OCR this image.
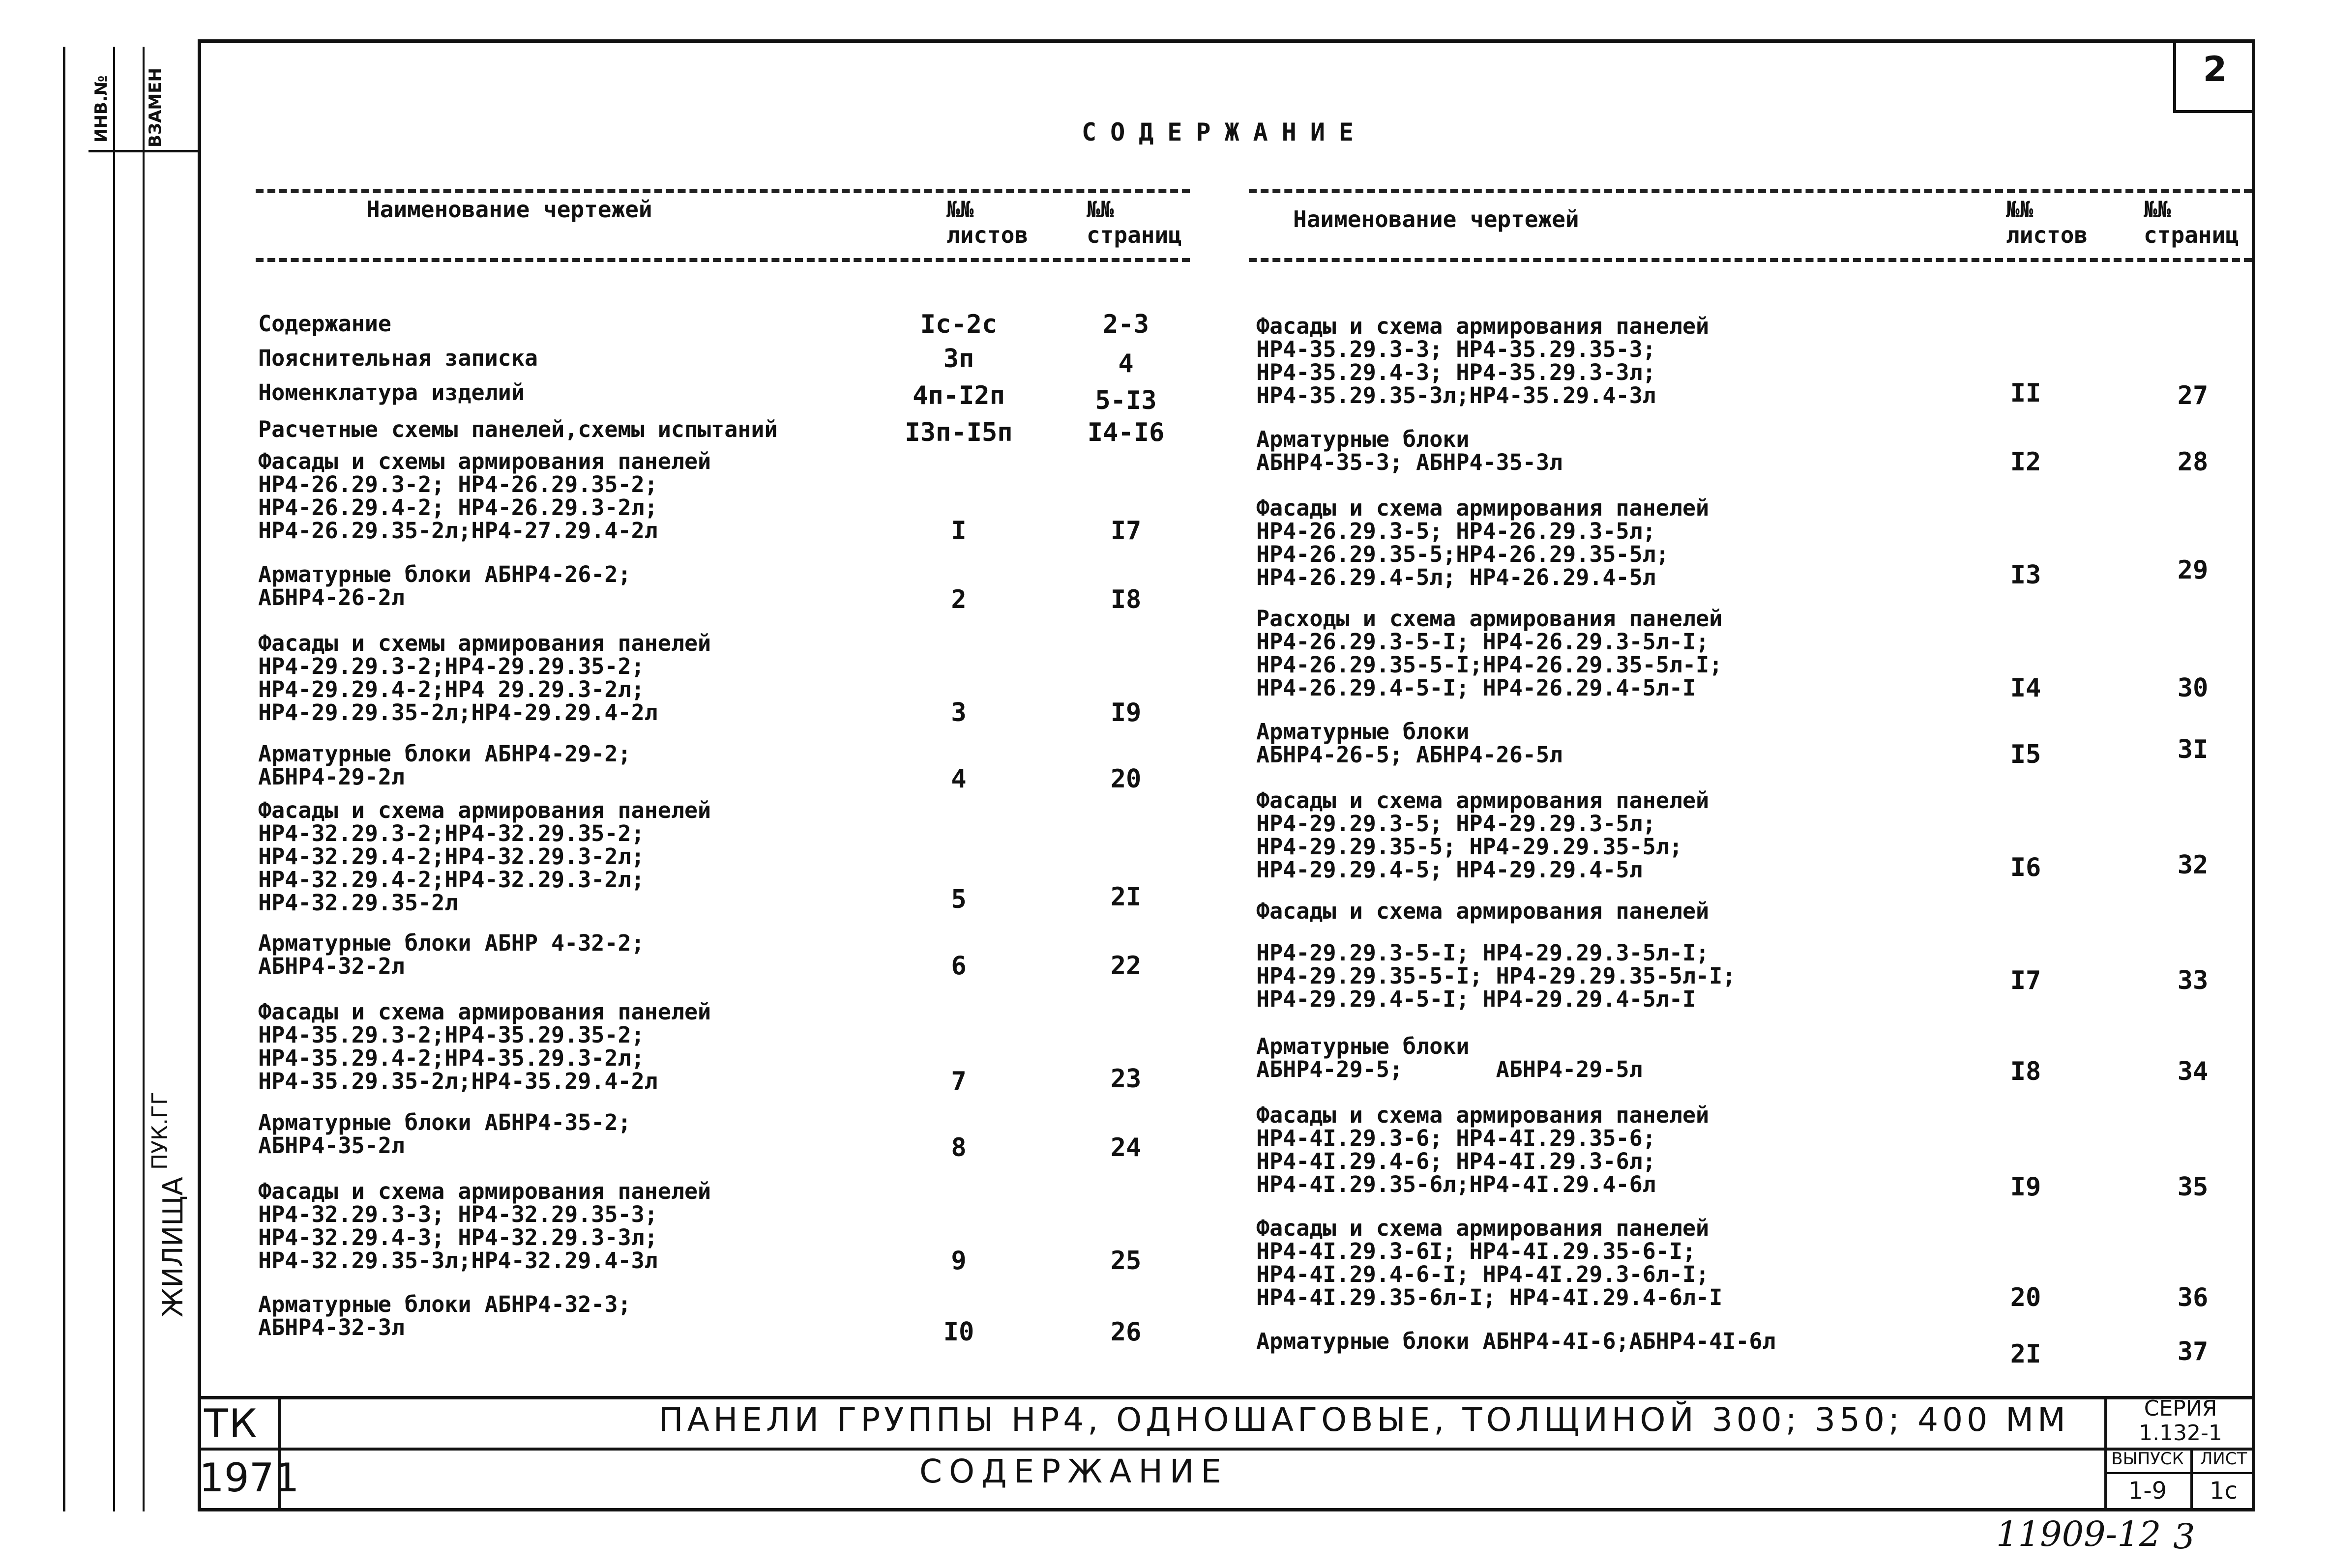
ИНВ.№ ВЗАМЕН
ЖИЛИЩА
ПУК.ГГ
2
СОДЕРЖАНИЕ
Наименование чертежей	№№
листов
№№
страниц
Наименование чертежей	№№
листов
№№
страниц
Содержание	Iс-2с	2-3
Пояснительная записка	3п	4
Номенклатура изделий	4п-I2п	5-I3
Расчетные схемы панелей,схемы испытаний	I3п-I5п	I4-I6
Фасады и схемы армирования панелей
НР4-26.29.3-2; НР4-26.29.35-2;
НР4-26.29.4-2; НР4-26.29.3-2л;
НР4-26.29.35-2л;НР4-27.29.4-2л	I	I7
Арматурные блоки АБНР4-26-2;
АБНР4-26-2л	2	I8
Фасады и схемы армирования панелей
НР4-29.29.3-2;НР4-29.29.35-2;
НР4-29.29.4-2;НР4 29.29.3-2л;
НР4-29.29.35-2л;НР4-29.29.4-2л	3	I9
Арматурные блоки АБНР4-29-2;
АБНР4-29-2л	4	20
Фасады и схема армирования панелей
НР4-32.29.3-2;НР4-32.29.35-2;
НР4-32.29.4-2;НР4-32.29.3-2л;
НР4-32.29.4-2;НР4-32.29.3-2л;
НР4-32.29.35-2л	5	2I
Арматурные блоки АБНР 4-32-2;
АБНР4-32-2л	6	22
Фасады и схема армирования панелей
НР4-35.29.3-2;НР4-35.29.35-2;
НР4-35.29.4-2;НР4-35.29.3-2л;
НР4-35.29.35-2л;НР4-35.29.4-2л	7	23
Арматурные блоки АБНР4-35-2;
АБНР4-35-2л	8	24
Фасады и схема армирования панелей
НР4-32.29.3-3; НР4-32.29.35-3;
НР4-32.29.4-3; НР4-32.29.3-3л;
НР4-32.29.35-3л;НР4-32.29.4-3л	9	25
Арматурные блоки АБНР4-32-3;
АБНР4-32-3л	I0	26
Фасады и схема армирования панелей
НР4-35.29.3-3; НР4-35.29.35-3;
НР4-35.29.4-3; НР4-35.29.3-3л;
НР4-35.29.35-3л;НР4-35.29.4-3л	II	27
Арматурные блоки
АБНР4-35-3; АБНР4-35-3л	I2	28
Фасады и схема армирования панелей
НР4-26.29.3-5; НР4-26.29.3-5л;
НР4-26.29.35-5;НР4-26.29.35-5л;
НР4-26.29.4-5л; НР4-26.29.4-5л	I3	29
Расходы и схема армирования панелей
НР4-26.29.3-5-I; НР4-26.29.3-5л-I;
НР4-26.29.35-5-I;НР4-26.29.35-5л-I;
НР4-26.29.4-5-I; НР4-26.29.4-5л-I	I4	30
Арматурные блоки
АБНР4-26-5; АБНР4-26-5л	I5	3I
Фасады и схема армирования панелей
НР4-29.29.3-5; НР4-29.29.3-5л;
НР4-29.29.35-5; НР4-29.29.35-5л;
НР4-29.29.4-5; НР4-29.29.4-5л	I6	32
Фасады и схема армирования панелей
НР4-29.29.3-5-I; НР4-29.29.3-5л-I;
НР4-29.29.35-5-I; НР4-29.29.35-5л-I;
НР4-29.29.4-5-I; НР4-29.29.4-5л-I
I7	33
Арматурные блоки
АБНР4-29-5;       АБНР4-29-5л	I8	34
Фасады и схема армирования панелей
НР4-4I.29.3-6; НР4-4I.29.35-6;
НР4-4I.29.4-6; НР4-4I.29.3-6л;
НР4-4I.29.35-6л;НР4-4I.29.4-6л	I9	35
Фасады и схема армирования панелей
НР4-4I.29.3-6I; НР4-4I.29.35-6-I;
НР4-4I.29.4-6-I; НР4-4I.29.3-6л-I;
НР4-4I.29.35-6л-I; НР4-4I.29.4-6л-I	20	36
Арматурные блоки АБНР4-4I-6;АБНР4-4I-6л	2I	37
ТК
1971
ПАНЕЛИ ГРУППЫ НР4, ОДНОШАГОВЫЕ, ТОЛЩИНОЙ 300; 350; 400 ММ
СОДЕРЖАНИЕ
СЕРИЯ
1.132-1
ВЫПУСК ЛИСТ
1-9	1с
11909-12 3
